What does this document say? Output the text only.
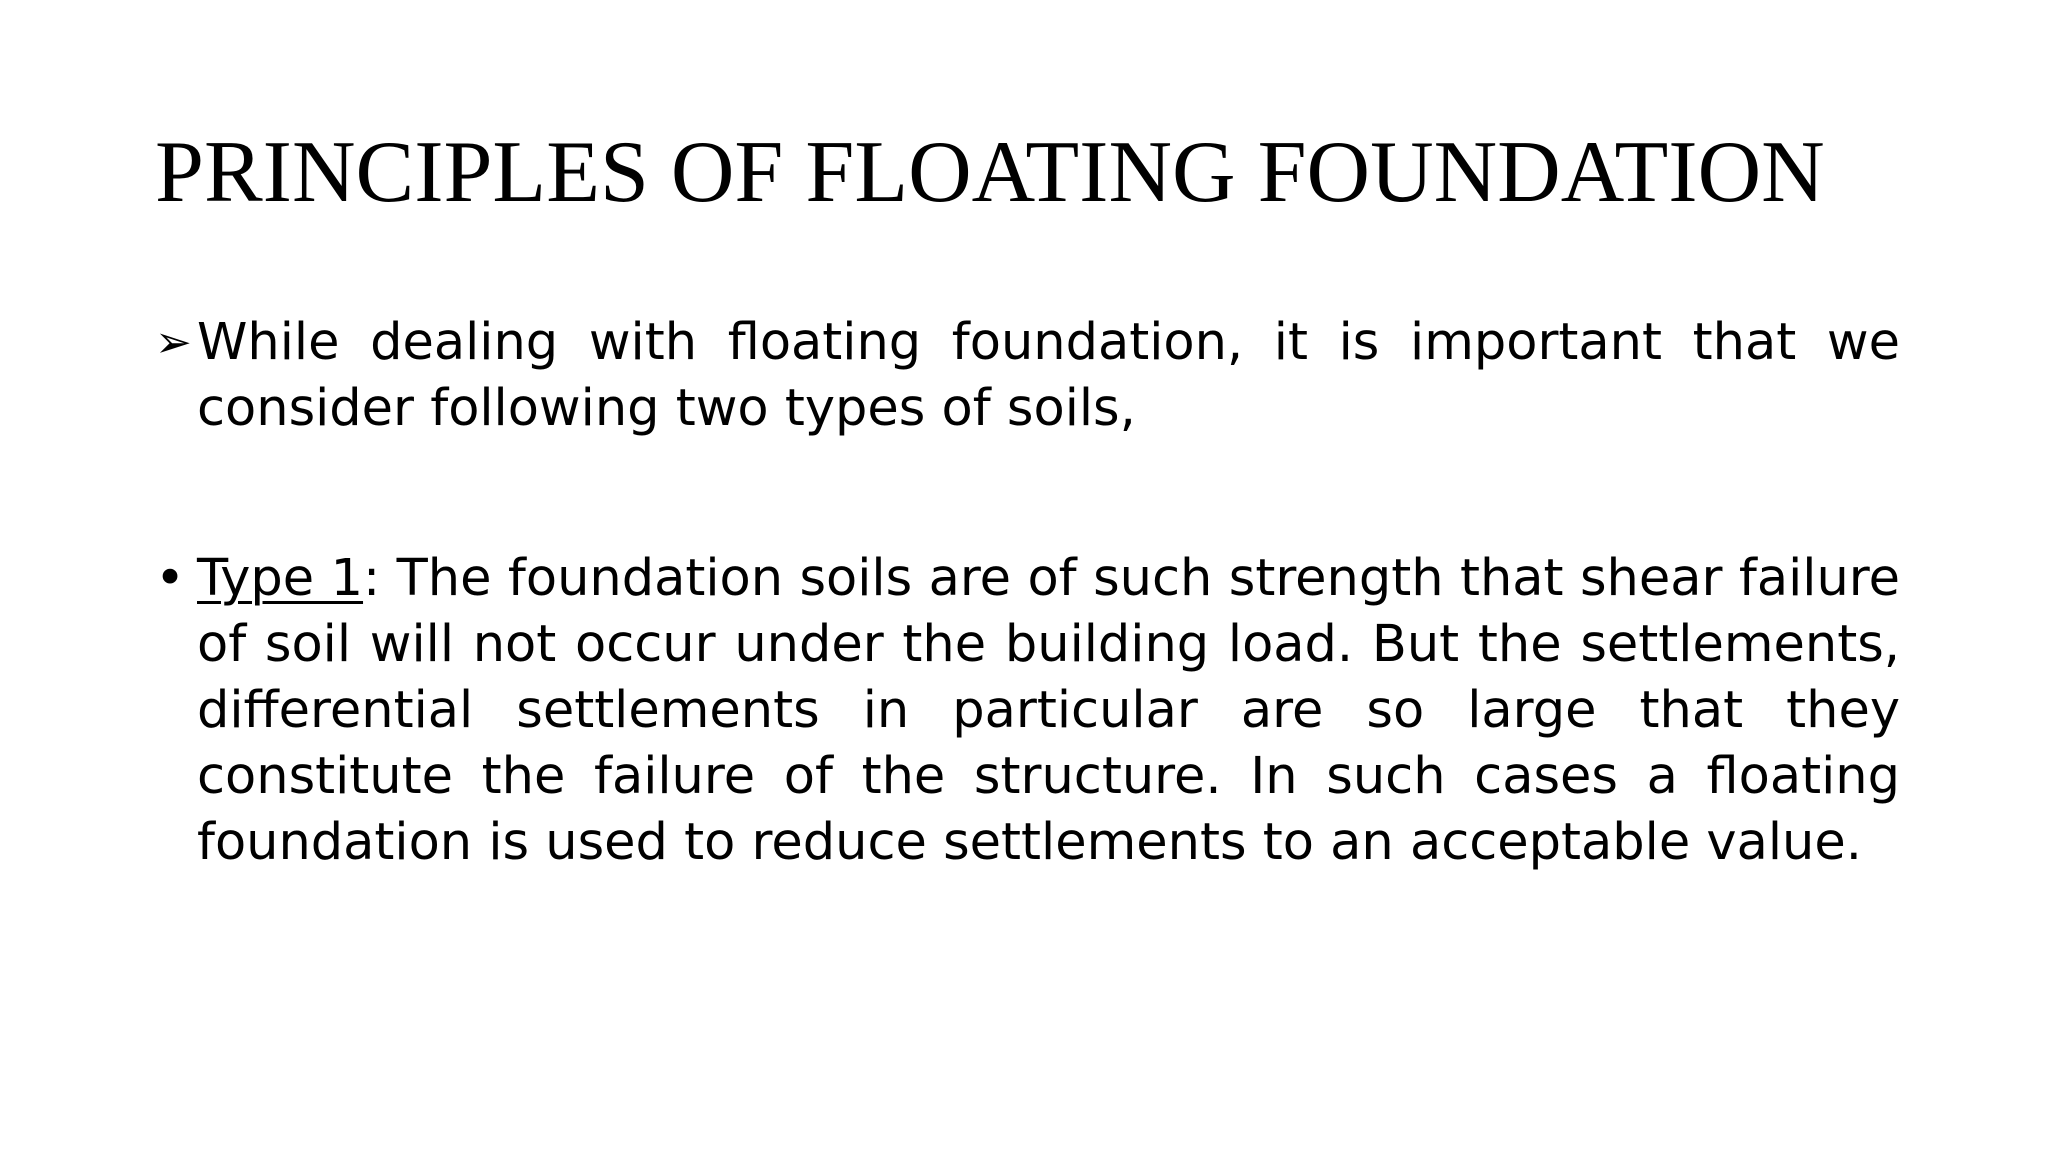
PRINCIPLES OF FLOATING FOUNDATION

➢ While dealing with floating foundation, it is important that we consider following two types of soils,

• Type 1: The foundation soils are of such strength that shear failure of soil will not occur under the building load. But the settlements, differential settlements in particular are so large that they constitute the failure of the structure. In such cases a floating foundation is used to reduce settlements to an acceptable value.
